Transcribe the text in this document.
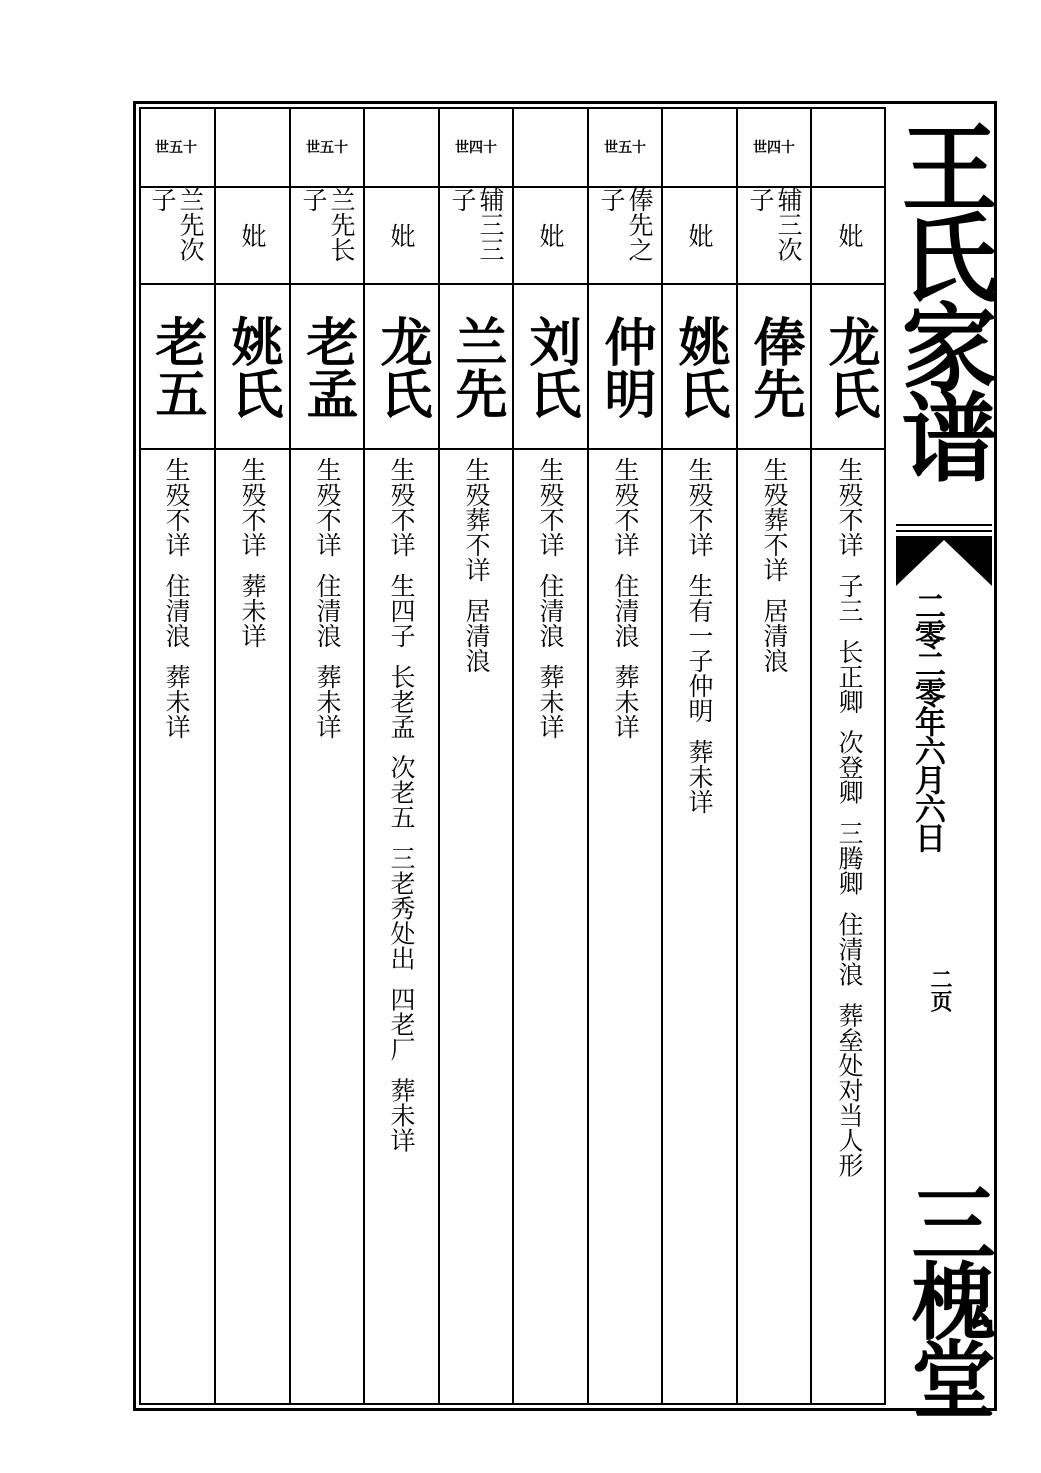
世五十
兰先次子
老五
生殁不详  住清浪  葬未详
妣
姚氏
生殁不详  葬未详
世五十
兰先长子
老孟
生殁不详  住清浪  葬未详
妣
龙氏
生殁不详  生四子  长老孟  次老五  三老秀处出  四老厂  葬未详
世四十
辅三三子
兰先
生殁葬不详  居清浪
妣
刘氏
生殁不详  住清浪  葬未详
世五十
俸先之子
仲明
生殁不详  住清浪  葬未详
妣
姚氏
生殁不详  生有一子仲明  葬未详
世四十
辅三次子
俸先
生殁葬不详  居清浪
妣
龙氏
生殁不详  子三  长正卿  次登卿  三腾卿  住清浪  葬垒处对当人形
王氏家谱
二零二零年六月六日
二页
三槐堂
